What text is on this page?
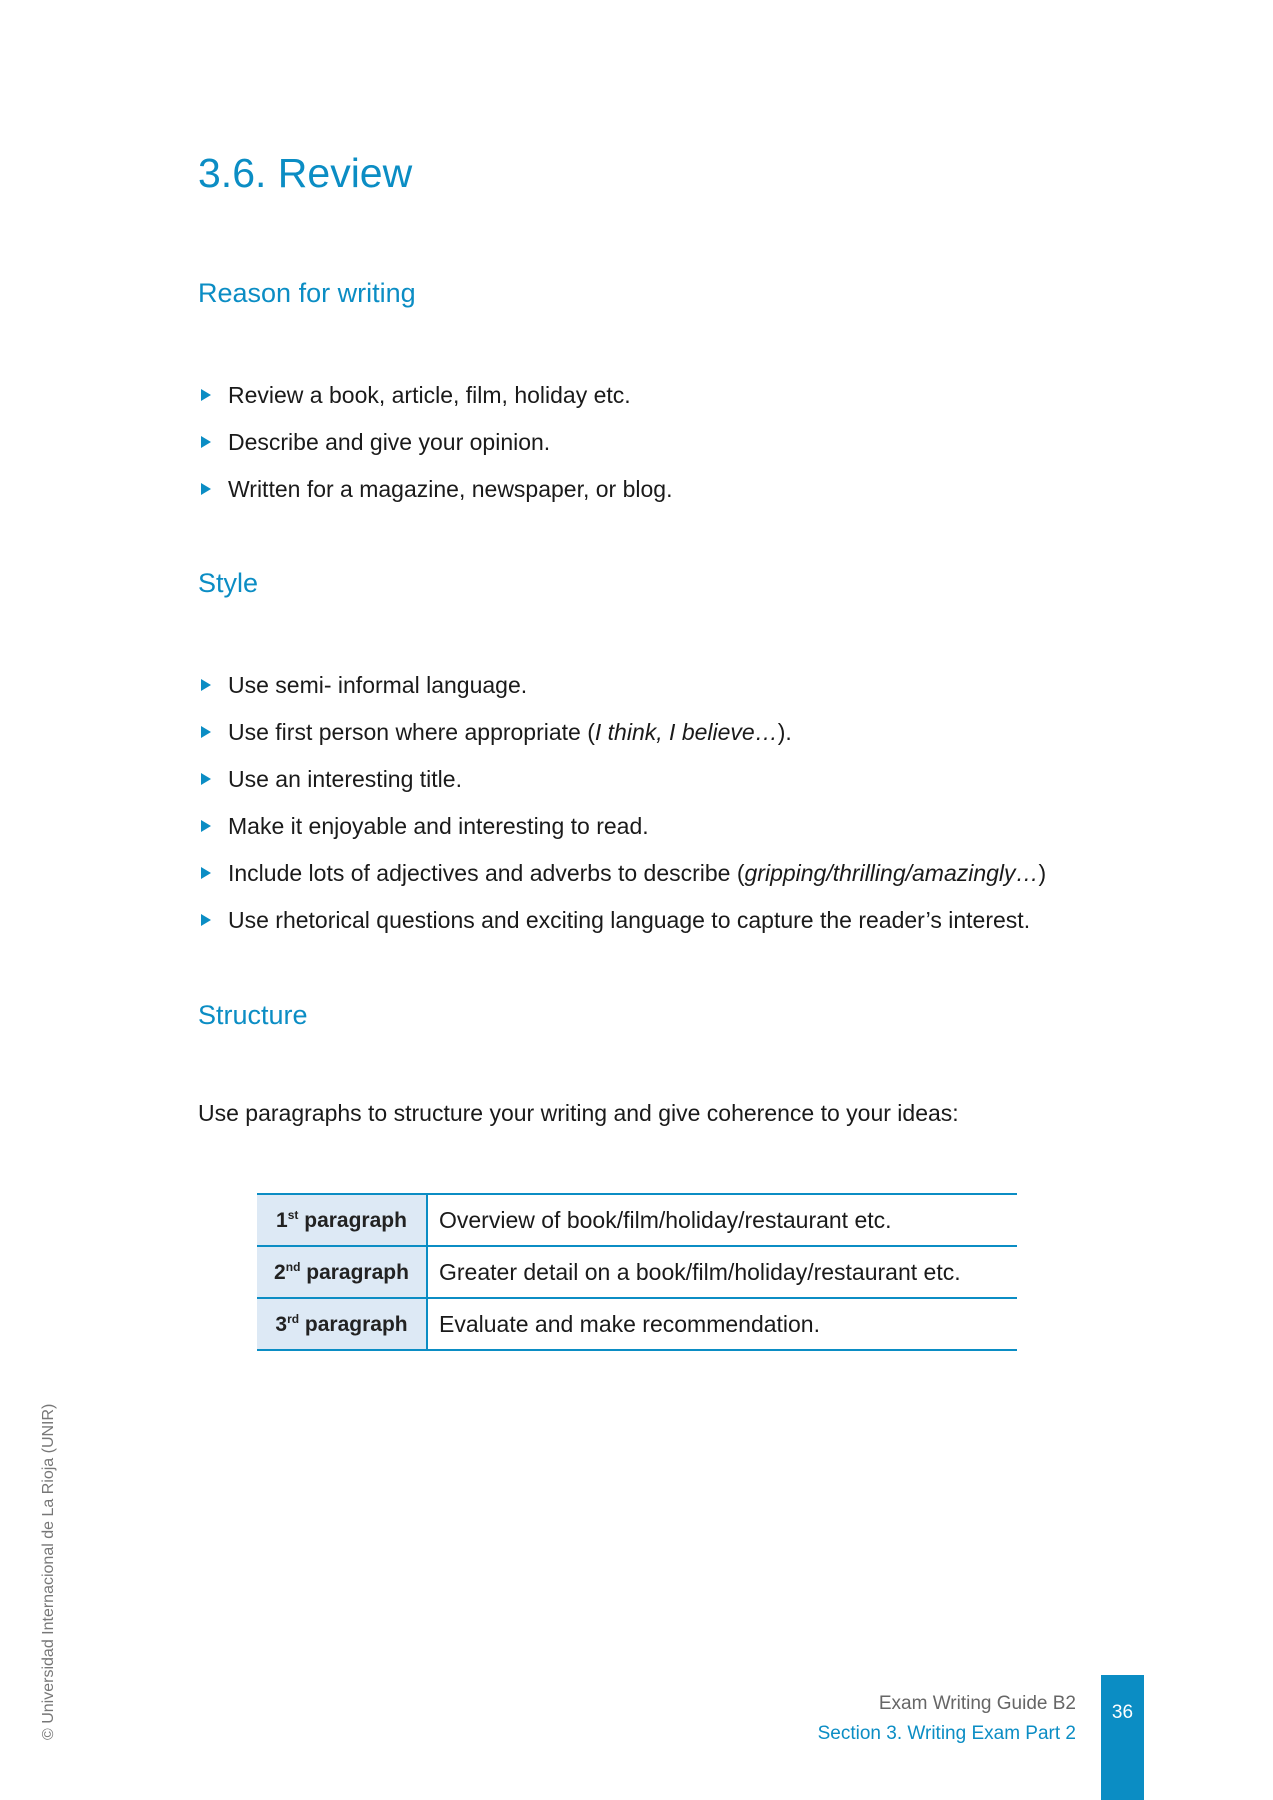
3.6. Review
Reason for writing
Review a book, article, film, holiday etc.
Describe and give your opinion.
Written for a magazine, newspaper, or blog.
Style
Use semi- informal language.
Use first person where appropriate (I think, I believe…).
Use an interesting title.
Make it enjoyable and interesting to read.
Include lots of adjectives and adverbs to describe (gripping/thrilling/amazingly…)
Use rhetorical questions and exciting language to capture the reader’s interest.
Structure

Use paragraphs to structure your writing and give coherence to your ideas:

1st paragraph	Overview of book/film/holiday/restaurant etc.
2nd paragraph	Greater detail on a book/film/holiday/restaurant etc.
3rd paragraph	Evaluate and make recommendation.
© Universidad Internacional de La Rioja (UNIR)	Exam Writing Guide B2
Section 3. Writing Exam Part 2
36
